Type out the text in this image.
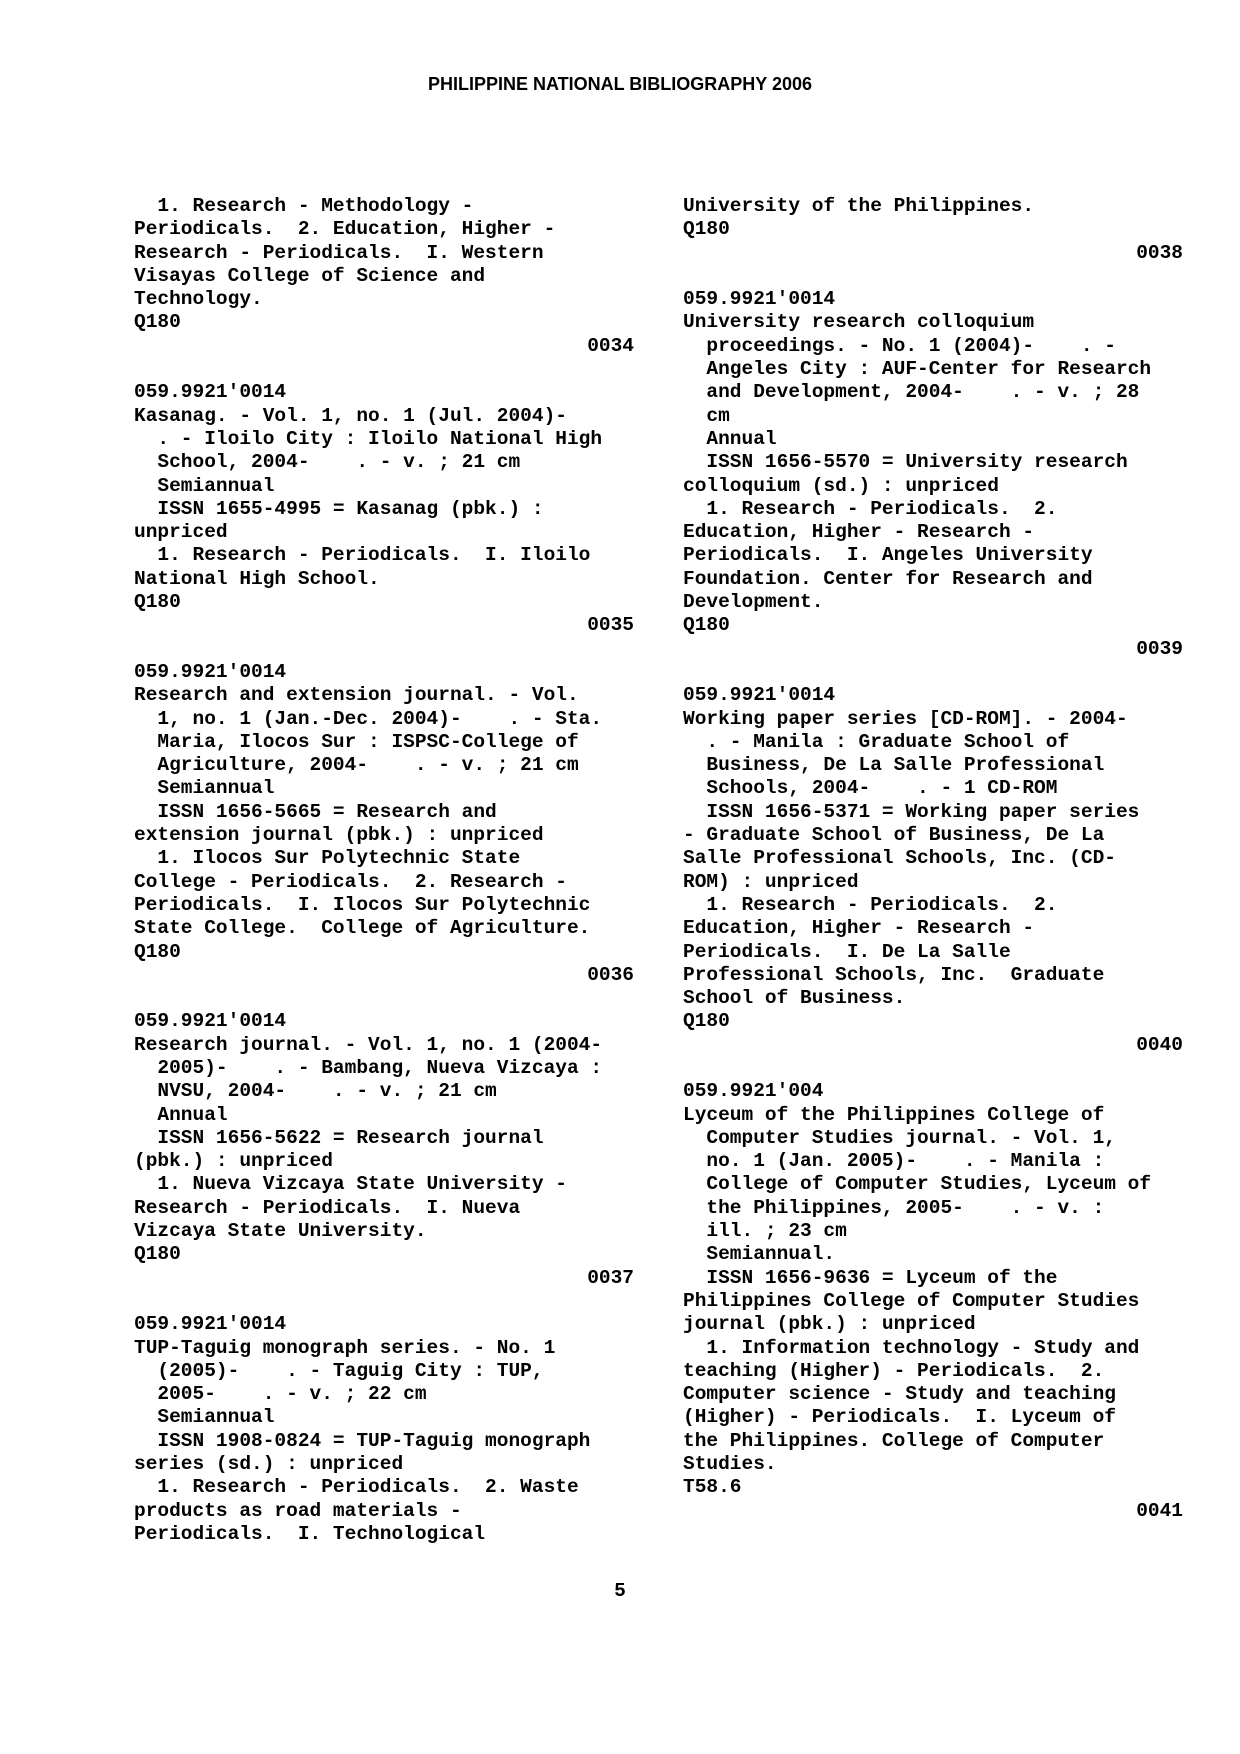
PHILIPPINE NATIONAL BIBLIOGRAPHY 2006
1. Research - Methodology -
Periodicals.  2. Education, Higher -
Research - Periodicals.  I. Western
Visayas College of Science and
Technology.
Q180
0034
059.9921'0014
Kasanag. - Vol. 1, no. 1 (Jul. 2004)-
. - Iloilo City : Iloilo National High
School, 2004-    . - v. ; 21 cm
Semiannual
ISSN 1655-4995 = Kasanag (pbk.) :
unpriced
1. Research - Periodicals.  I. Iloilo
National High School.
Q180
0035
059.9921'0014
Research and extension journal. - Vol.
1, no. 1 (Jan.-Dec. 2004)-    . - Sta.
Maria, Ilocos Sur : ISPSC-College of
Agriculture, 2004-    . - v. ; 21 cm
Semiannual
ISSN 1656-5665 = Research and
extension journal (pbk.) : unpriced
1. Ilocos Sur Polytechnic State
College - Periodicals.  2. Research -
Periodicals.  I. Ilocos Sur Polytechnic
State College.  College of Agriculture.
Q180
0036
059.9921'0014
Research journal. - Vol. 1, no. 1 (2004-
2005)-    . - Bambang, Nueva Vizcaya :
NVSU, 2004-    . - v. ; 21 cm
Annual
ISSN 1656-5622 = Research journal
(pbk.) : unpriced
1. Nueva Vizcaya State University -
Research - Periodicals.  I. Nueva
Vizcaya State University.
Q180
0037
059.9921'0014
TUP-Taguig monograph series. - No. 1
(2005)-    . - Taguig City : TUP,
2005-    . - v. ; 22 cm
Semiannual
ISSN 1908-0824 = TUP-Taguig monograph
series (sd.) : unpriced
1. Research - Periodicals.  2. Waste
products as road materials -
Periodicals.  I. Technological
University of the Philippines.
Q180
0038
059.9921'0014
University research colloquium
proceedings. - No. 1 (2004)-    . -
Angeles City : AUF-Center for Research
and Development, 2004-    . - v. ; 28
cm
Annual
ISSN 1656-5570 = University research
colloquium (sd.) : unpriced
1. Research - Periodicals.  2.
Education, Higher - Research -
Periodicals.  I. Angeles University
Foundation. Center for Research and
Development.
Q180
0039
059.9921'0014
Working paper series [CD-ROM]. - 2004-
. - Manila : Graduate School of
Business, De La Salle Professional
Schools, 2004-    . - 1 CD-ROM
ISSN 1656-5371 = Working paper series
- Graduate School of Business, De La
Salle Professional Schools, Inc. (CD-
ROM) : unpriced
1. Research - Periodicals.  2.
Education, Higher - Research -
Periodicals.  I. De La Salle
Professional Schools, Inc.  Graduate
School of Business.
Q180
0040
059.9921'004
Lyceum of the Philippines College of
Computer Studies journal. - Vol. 1,
no. 1 (Jan. 2005)-    . - Manila :
College of Computer Studies, Lyceum of
the Philippines, 2005-    . - v. :
ill. ; 23 cm
Semiannual.
ISSN 1656-9636 = Lyceum of the
Philippines College of Computer Studies
journal (pbk.) : unpriced
1. Information technology - Study and
teaching (Higher) - Periodicals.  2.
Computer science - Study and teaching
(Higher) - Periodicals.  I. Lyceum of
the Philippines. College of Computer
Studies.
T58.6
0041
5
